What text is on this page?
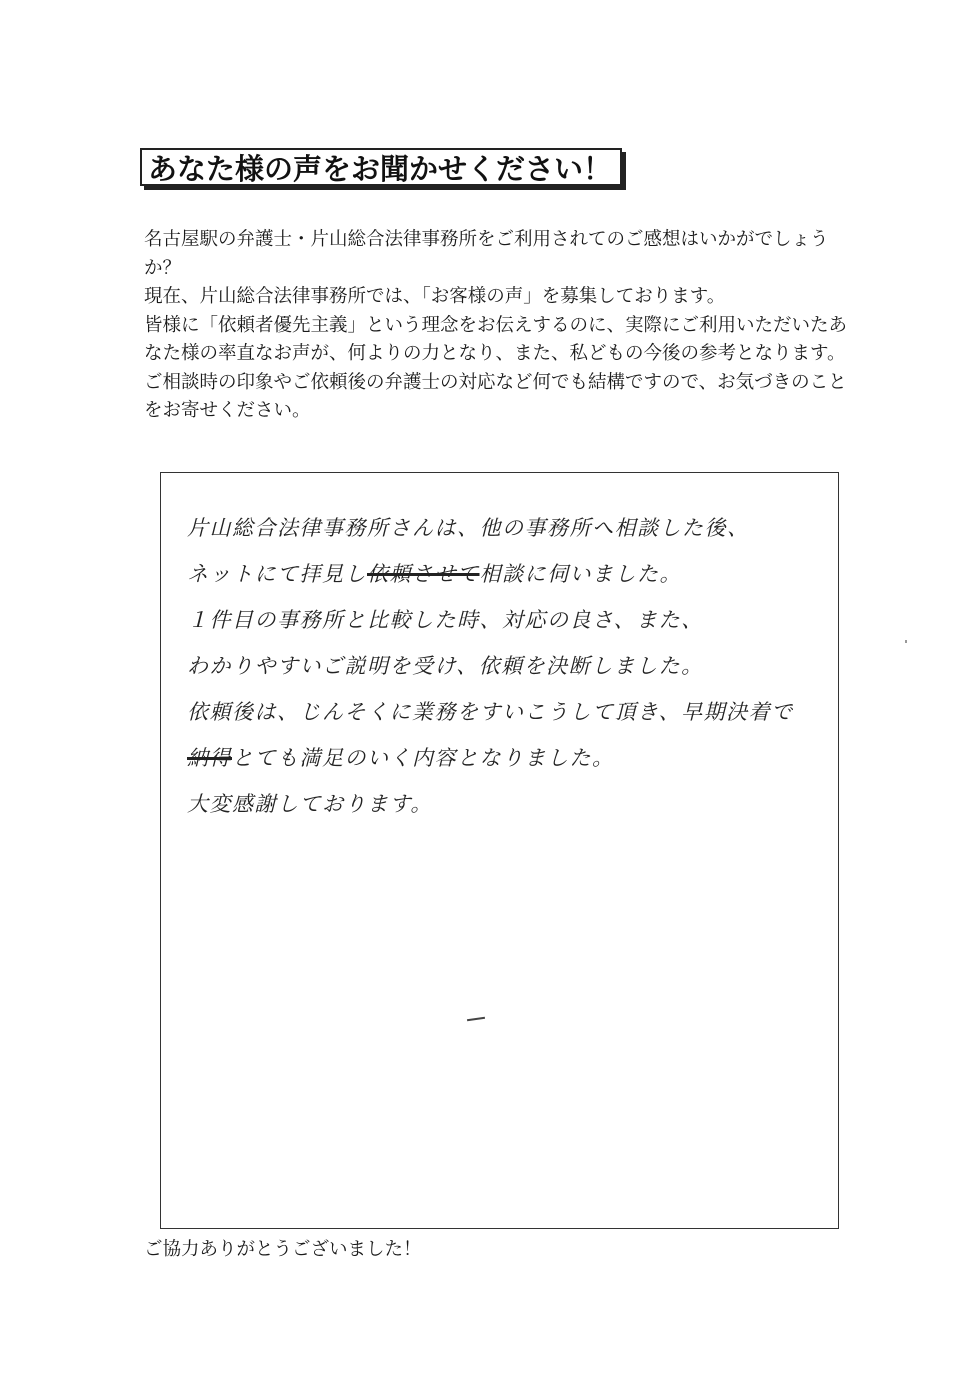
あなた様の声をお聞かせください！

名古屋駅の弁護士・片山総合法律事務所をご利用されてのご感想はいかがでしょうか？

現在、片山総合法律事務所では、「お客様の声」を募集しております。

皆様に「依頼者優先主義」という理念をお伝えするのに、実際にご利用いただいたあなた様の率直なお声が、何よりの力となり、また、私どもの今後の参考となります。

ご相談時の印象やご依頼後の弁護士の対応など何でも結構ですので、お気づきのことをお寄せください。

片山総合法律事務所さんは、他の事務所へ相談した後、
ネットにて拝見し依頼させて相談に伺いました。
１件目の事務所と比較した時、対応の良さ、また、
わかりやすいご説明を受け、依頼を決断しました。
依頼後は、じんそくに業務をすいこうして頂き、早期決着で
納得とても満足のいく内容となりました。
大変感謝しております。
ご協力ありがとうございました！
